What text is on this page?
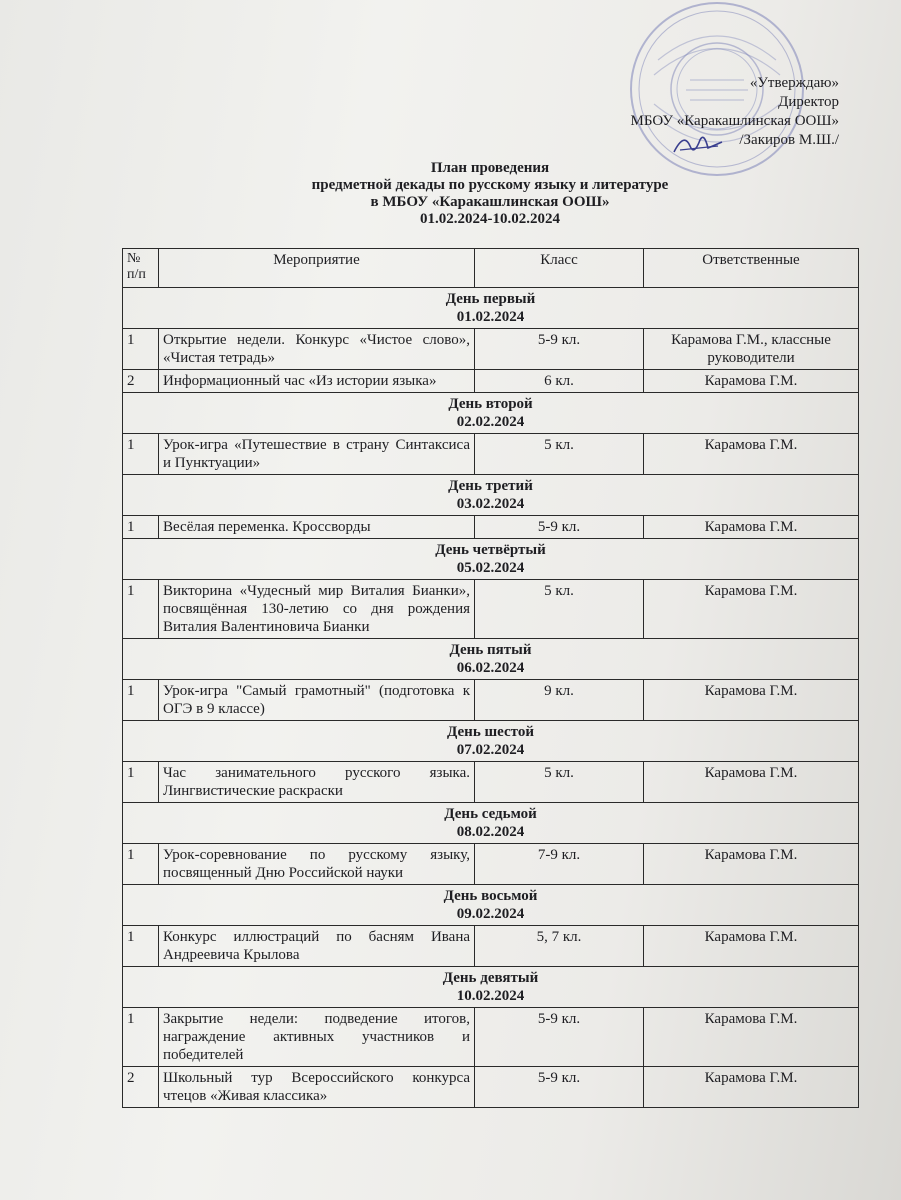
«Утверждаю»
Директор
МБОУ «Каракашлинская ООШ»
/Закиров М.Ш./
План проведения
предметной декады по русскому языку и литературе
в МБОУ «Каракашлинская ООШ»
01.02.2024-10.02.2024
№ п/п	Мероприятие	Класс	Ответственные

День первый
01.02.2024			

1	Открытие недели. Конкурс «Чистое слово», «Чистая тетрадь»	5-9 кл.	Карамова Г.М., классные руководители
2	Информационный час «Из истории языка»	6 кл.	Карамова Г.М.

День второй
02.02.2024			

1	Урок-игра «Путешествие в страну Синтаксиса и Пунктуации»	5 кл.	Карамова Г.М.

День третий
03.02.2024			

1	Весёлая переменка. Кроссворды	5-9 кл.	Карамова Г.М.

День четвёртый
05.02.2024			

1	Викторина «Чудесный мир Виталия Бианки», посвящённая 130-летию со дня рождения Виталия Валентиновича Бианки	5 кл.	Карамова Г.М.

День пятый
06.02.2024			

1	Урок-игра "Самый грамотный" (подготовка к ОГЭ в 9 классе)	9 кл.	Карамова Г.М.

День шестой
07.02.2024			

1	Час занимательного русского языка. Лингвистические раскраски	5 кл.	Карамова Г.М.

День седьмой
08.02.2024			

1	Урок-соревнование по русскому языку, посвященный Дню Российской науки	7-9 кл.	Карамова Г.М.

День восьмой
09.02.2024			

1	Конкурс иллюстраций по басням Ивана Андреевича Крылова	5, 7 кл.	Карамова Г.М.

День девятый
10.02.2024			

1	Закрытие недели: подведение итогов, награждение активных участников и победителей	5-9 кл.	Карамова Г.М.
2	Школьный тур Всероссийского конкурса чтецов «Живая классика»	5-9 кл.	Карамова Г.М.
